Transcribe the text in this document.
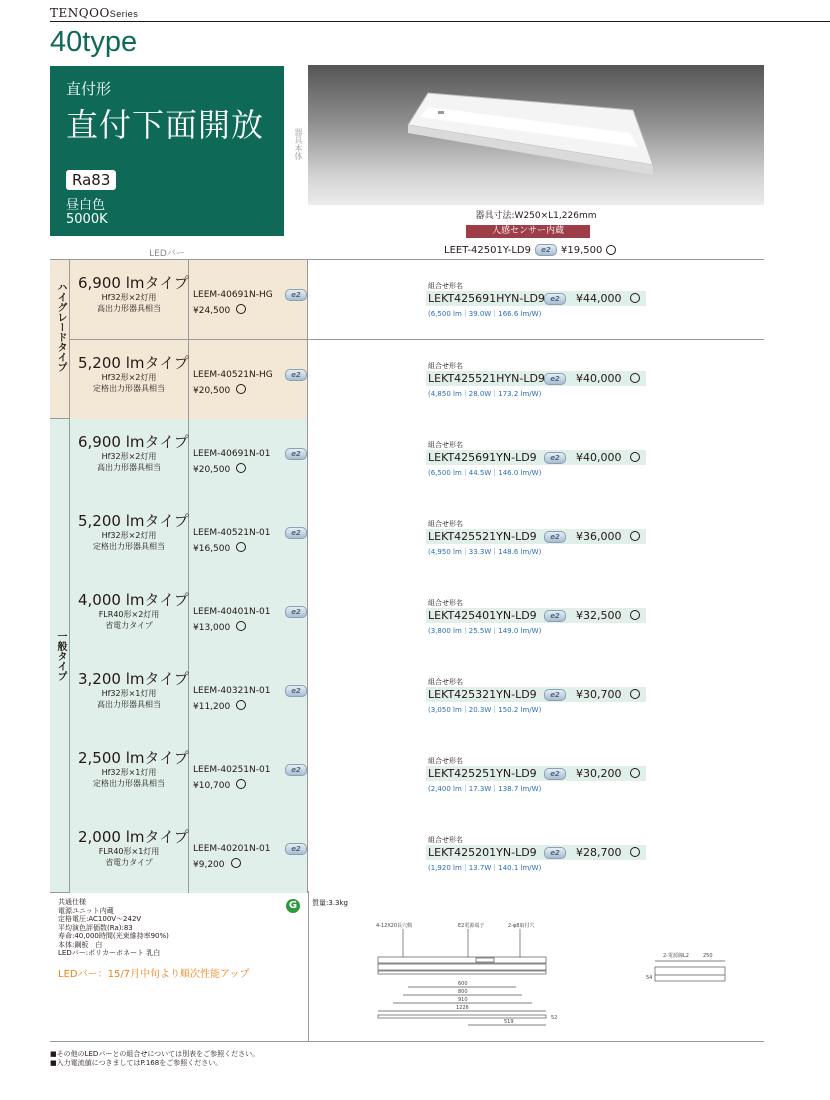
TENQOOSeries
40type
直付形
直付下面開放
Ra83
昼白色
5000K
LEDバー
器具本体
器具寸法:W250×L1,226mm
人感センサー内蔵
LEET-42501Y-LD9	e2	¥19,500
ハイグレードタイプ
一般タイプ
6,900 lmタイプ
Hf32形×2灯用
高出力形器具相当
LEEM-40691N-HG	e2
¥24,500
組合せ形名
e2
LEKT425691HYN-LD9	¥44,000
(6,500 lm｜39.0W｜166.6 lm/W)
5,200 lmタイプ
Hf32形×2灯用
定格出力形器具相当
LEEM-40521N-HG	e2
¥20,500
組合せ形名
e2
LEKT425521HYN-LD9	¥40,000
(4,850 lm｜28.0W｜173.2 lm/W)
6,900 lmタイプ
Hf32形×2灯用
高出力形器具相当
LEEM-40691N-01	e2
¥20,500
組合せ形名
e2
LEKT425691YN-LD9	¥40,000
(6,500 lm｜44.5W｜146.0 lm/W)
5,200 lmタイプ
Hf32形×2灯用
定格出力形器具相当
LEEM-40521N-01	e2
¥16,500
組合せ形名
e2
LEKT425521YN-LD9	¥36,000
(4,950 lm｜33.3W｜148.6 lm/W)
4,000 lmタイプ
FLR40形×2灯用
省電力タイプ
LEEM-40401N-01	e2
¥13,000
組合せ形名
e2
LEKT425401YN-LD9	¥32,500
(3,800 lm｜25.5W｜149.0 lm/W)
3,200 lmタイプ
Hf32形×1灯用
高出力形器具相当
LEEM-40321N-01	e2
¥11,200
組合せ形名
e2
LEKT425321YN-LD9	¥30,700
(3,050 lm｜20.3W｜150.2 lm/W)
2,500 lmタイプ
Hf32形×1灯用
定格出力形器具相当
LEEM-40251N-01	e2
¥10,700
組合せ形名
e2
LEKT425251YN-LD9	¥30,200
(2,400 lm｜17.3W｜138.7 lm/W)
2,000 lmタイプ
FLR40形×1灯用
省電力タイプ
LEEM-40201N-01	e2
¥9,200
組合せ形名
e2
LEKT425201YN-LD9	¥28,700
(1,920 lm｜13.7W｜140.1 lm/W)
共通仕様
電源ユニット内蔵
定格電圧:AC100V～242V
平均演色評価数(Ra):83
寿命:40,000時間(光束維持率90%)
本体:鋼板　白
LEDバー:ポリカーボネート 乳白
LEDバー：15/7月中旬より順次性能アップ
G	質量:3.3kg
4-12X20長穴側	E2電源端子	2-φ8取付穴
2-電源線L2	250
54
600
800
910
1226
52
519
■その他のLEDバーとの組合せについては別表をご参照ください。
■入力電流値につきましてはP.168をご参照ください。
